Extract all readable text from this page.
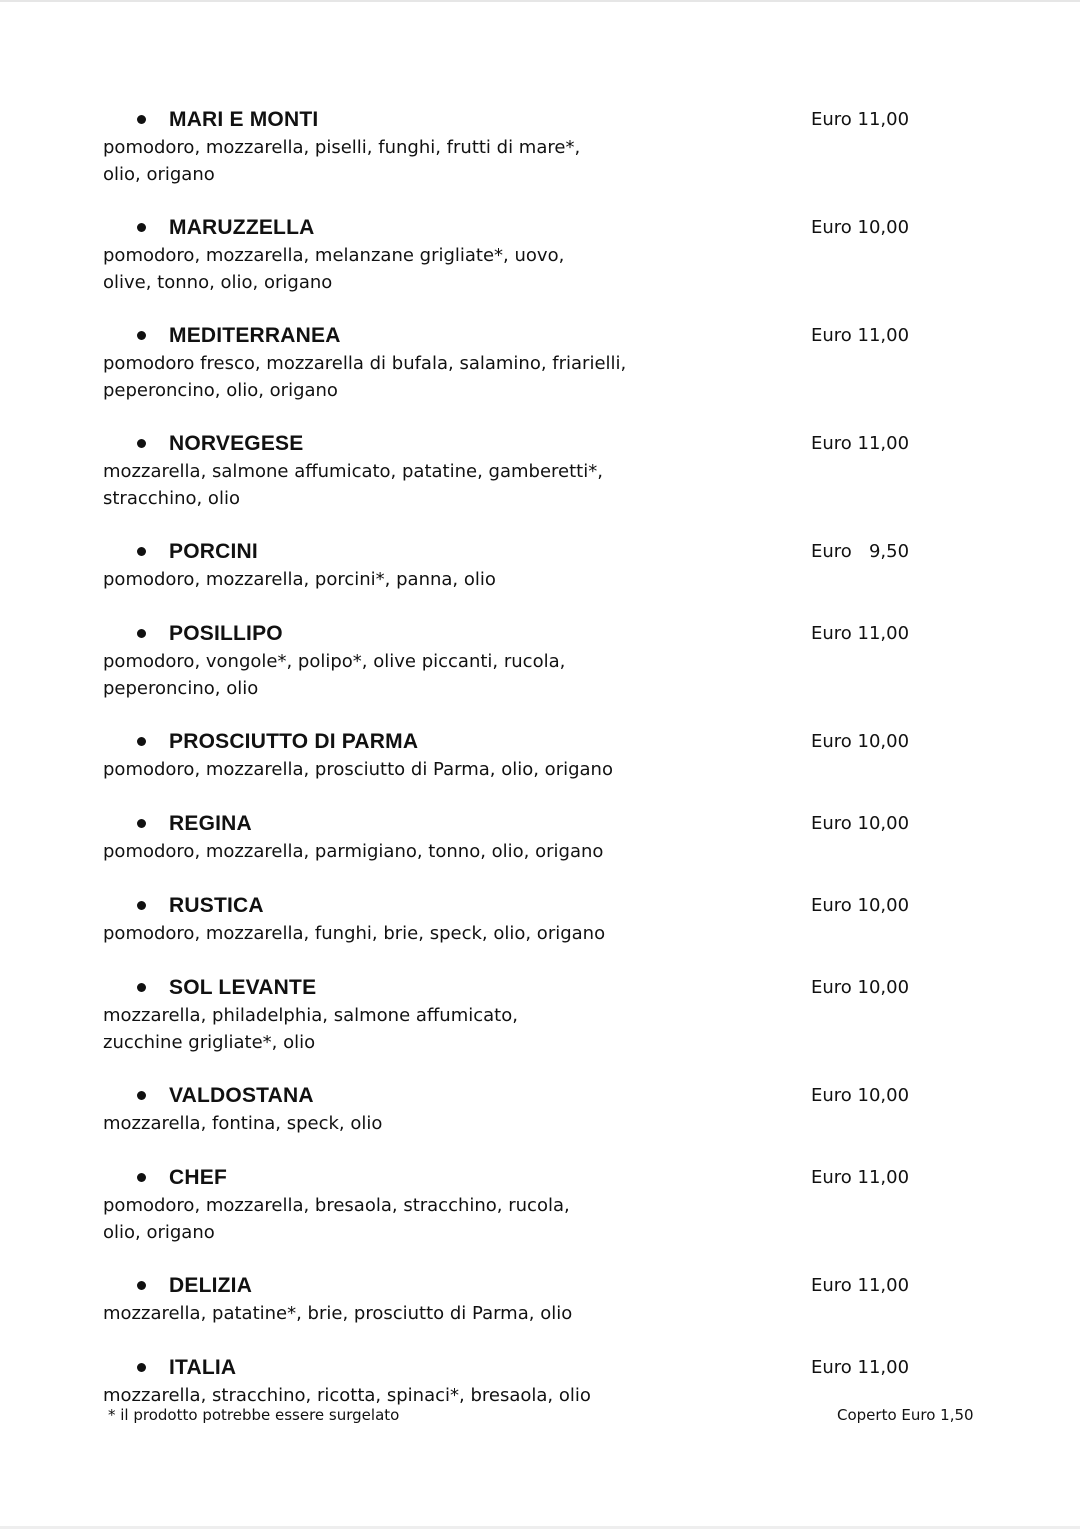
MARI E MONTI	Euro 11,00

pomodoro, mozzarella, piselli, funghi, frutti di mare*,
olio, origano

MARUZZELLA	Euro 10,00

pomodoro, mozzarella, melanzane grigliate*, uovo,
olive, tonno, olio, origano

MEDITERRANEA	Euro 11,00

pomodoro fresco, mozzarella di bufala, salamino, friarielli,
peperoncino, olio, origano

NORVEGESE	Euro 11,00

mozzarella, salmone affumicato, patatine, gamberetti*,
stracchino, olio

PORCINI	Euro   9,50

pomodoro, mozzarella, porcini*, panna, olio

POSILLIPO	Euro 11,00

pomodoro, vongole*, polipo*, olive piccanti, rucola,
peperoncino, olio

PROSCIUTTO DI PARMA	Euro 10,00

pomodoro, mozzarella, prosciutto di Parma, olio, origano

REGINA	Euro 10,00

pomodoro, mozzarella, parmigiano, tonno, olio, origano

RUSTICA	Euro 10,00

pomodoro, mozzarella, funghi, brie, speck, olio, origano

SOL LEVANTE	Euro 10,00

mozzarella, philadelphia, salmone affumicato,
zucchine grigliate*, olio

VALDOSTANA	Euro 10,00

mozzarella, fontina, speck, olio

CHEF	Euro 11,00

pomodoro, mozzarella, bresaola, stracchino, rucola,
olio, origano

DELIZIA	Euro 11,00

mozzarella, patatine*, brie, prosciutto di Parma, olio

ITALIA	Euro 11,00

mozzarella, stracchino, ricotta, spinaci*, bresaola, olio

* il prodotto potrebbe essere surgelato	Coperto Euro 1,50
